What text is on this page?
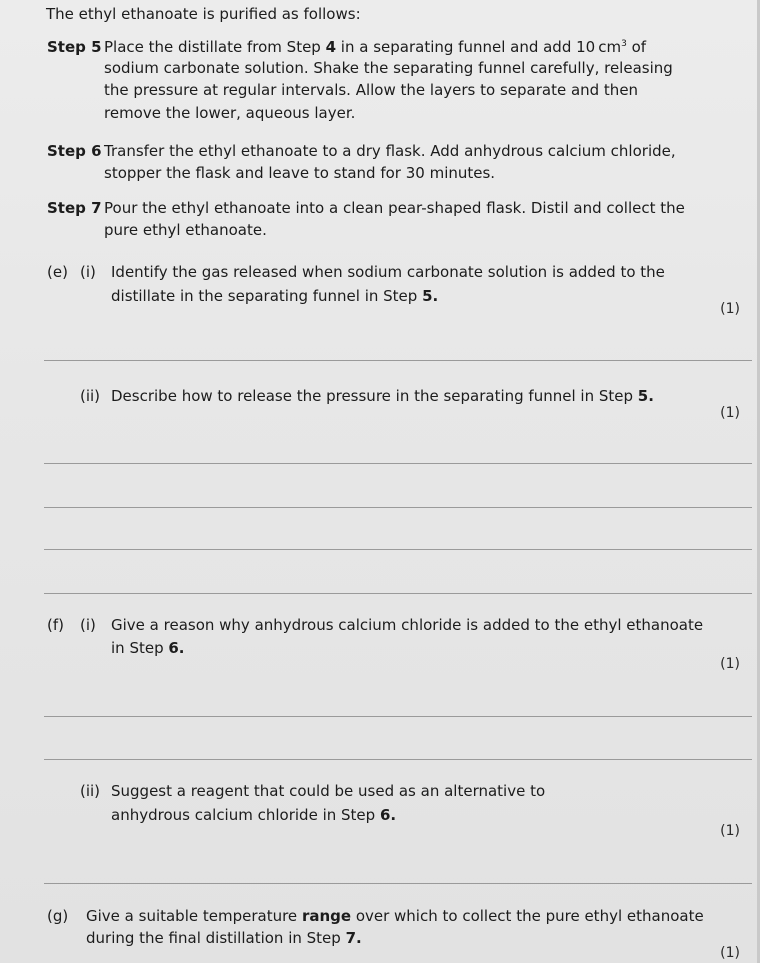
The ethyl ethanoate is purified as follows:
Step 5 Place the distillate from Step 4 in a separating funnel and add 10 $cm^3$ of
sodium carbonate solution. Shake the separating funnel carefully, releasing
the pressure at regular intervals. Allow the layers to separate and then
remove the lower, aqueous layer.
Step 6 Transfer the ethyl ethanoate to a dry flask. Add anhydrous calcium chloride,
stopper the flask and leave to stand for 30 minutes.
Step 7 Pour the ethyl ethanoate into a clean pear-shaped flask. Distil and collect the
pure ethyl ethanoate.
(e) (i) Identify the gas released when sodium carbonate solution is added to the
distillate in the separating funnel in Step 5.
(1)
(ii) Describe how to release the pressure in the separating funnel in Step 5.
(1)
(f) (i) Give a reason why anhydrous calcium chloride is added to the ethyl ethanoate
in Step 6.
(1)
(ii) Suggest a reagent that could be used as an alternative to
anhydrous calcium chloride in Step 6.
(1)
(g) Give a suitable temperature range over which to collect the pure ethyl ethanoate
during the final distillation in Step 7.
(1)
